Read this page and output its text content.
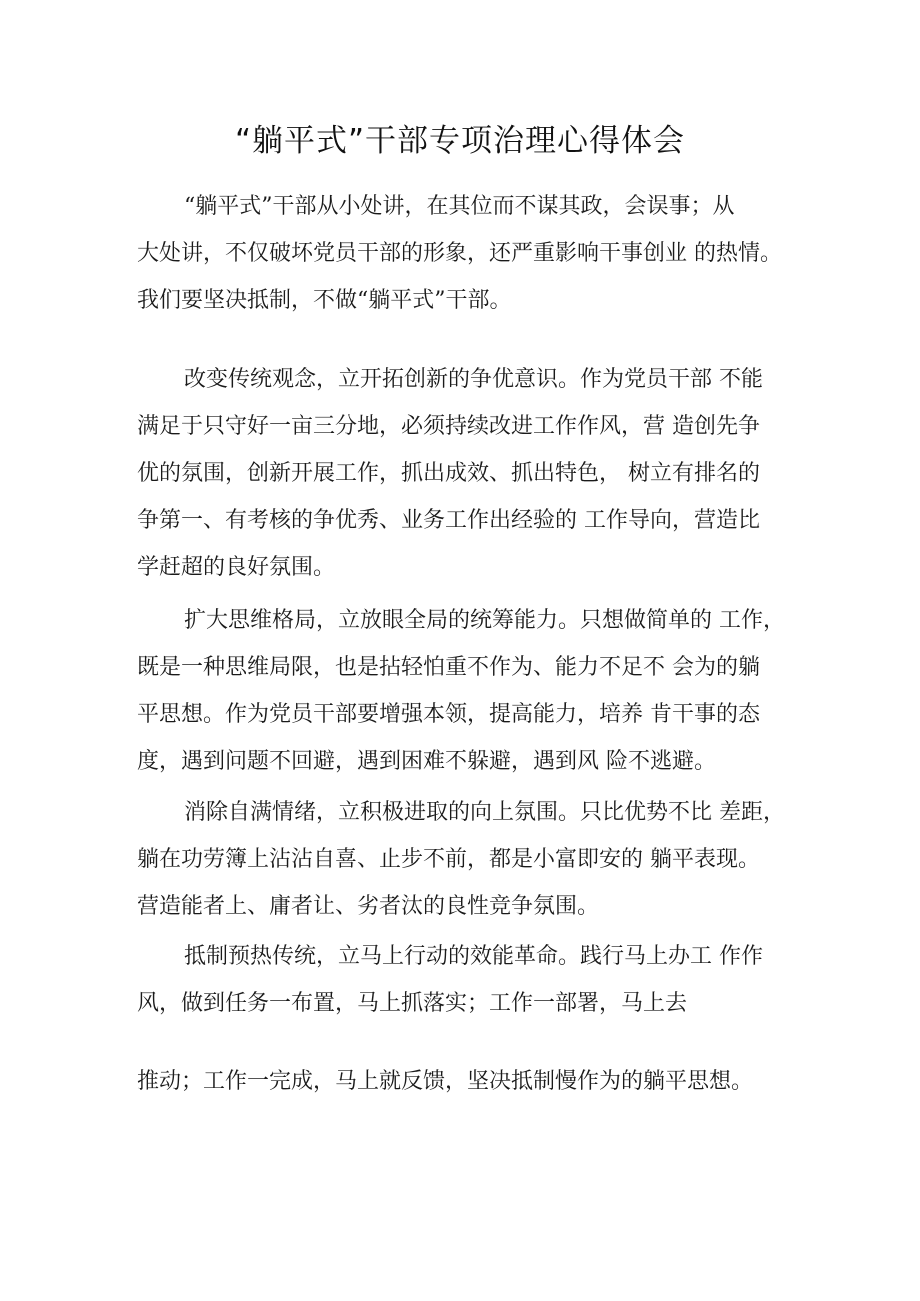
“躺平式”干部专项治理心得体会
“躺平式”干部从小处讲，在其位而不谋其政，会误事；从
大处讲，不仅破坏党员干部的形象，还严重影响干事创业 的热情。
我们要坚决抵制，不做“躺平式”干部。
改变传统观念，立开拓创新的争优意识。作为党员干部 不能
满足于只守好一亩三分地，必须持续改进工作作风，营 造创先争
优的氛围，创新开展工作，抓出成效、抓出特色， 树立有排名的
争第一、有考核的争优秀、业务工作出经验的 工作导向，营造比
学赶超的良好氛围。
扩大思维格局，立放眼全局的统筹能力。只想做简单的 工作，
既是一种思维局限，也是拈轻怕重不作为、能力不足不 会为的躺
平思想。作为党员干部要增强本领，提高能力，培养 肯干事的态
度，遇到问题不回避，遇到困难不躲避，遇到风 险不逃避。
消除自满情绪，立积极进取的向上氛围。只比优势不比 差距，
躺在功劳簿上沾沾自喜、止步不前，都是小富即安的 躺平表现。
营造能者上、庸者让、劣者汰的良性竞争氛围。
抵制预热传统，立马上行动的效能革命。践行马上办工 作作
风，做到任务一布置，马上抓落实；工作一部署，马上去
推动；工作一完成，马上就反馈，坚决抵制慢作为的躺平思想。
